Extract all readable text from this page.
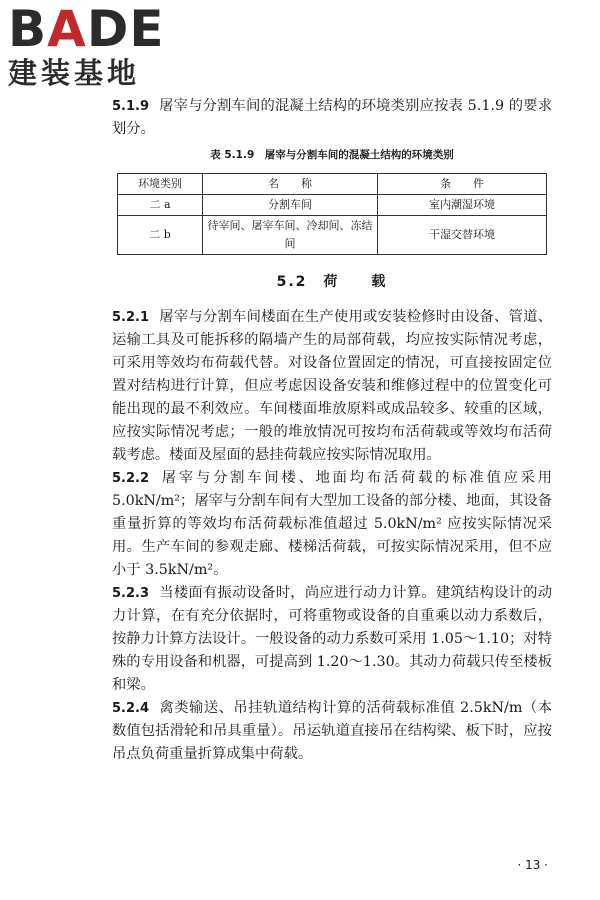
BADE
建装基地

5.1.9 屠宰与分割车间的混凝土结构的环境类别应按表 5.1.9 的要求划分。

表 5.1.9　屠宰与分割车间的混凝土结构的环境类别
环境类别	名　　称	条　　件
二 a	分割车间	室内潮湿环境
二 b	待宰间、屠宰车间、冷却间、冻结间	干湿交替环境
5.2　荷　　载

5.2.1 屠宰与分割车间楼面在生产使用或安装检修时由设备、管道、运输工具及可能拆移的隔墙产生的局部荷载，均应按实际情况考虑，可采用等效均布荷载代替。对设备位置固定的情况，可直接按固定位置对结构进行计算，但应考虑因设备安装和维修过程中的位置变化可能出现的最不利效应。车间楼面堆放原料或成品较多、较重的区域，应按实际情况考虑；一般的堆放情况可按均布活荷载或等效均布活荷载考虑。楼面及屋面的悬挂荷载应按实际情况取用。

5.2.2 屠宰与分割车间楼、地面均布活荷载的标准值应采用 5.0kN/m²；屠宰与分割车间有大型加工设备的部分楼、地面，其设备重量折算的等效均布活荷载标准值超过 5.0kN/m² 应按实际情况采用。生产车间的参观走廊、楼梯活荷载，可按实际情况采用，但不应小于 3.5kN/m²。

5.2.3 当楼面有振动设备时，尚应进行动力计算。建筑结构设计的动力计算，在有充分依据时，可将重物或设备的自重乘以动力系数后，按静力计算方法设计。一般设备的动力系数可采用 1.05～1.10；对特殊的专用设备和机器，可提高到 1.20～1.30。其动力荷载只传至楼板和梁。

5.2.4 禽类输送、吊挂轨道结构计算的活荷载标准值 2.5kN/m（本数值包括滑轮和吊具重量）。吊运轨道直接吊在结构梁、板下时，应按吊点负荷重量折算成集中荷载。

· 13 ·
